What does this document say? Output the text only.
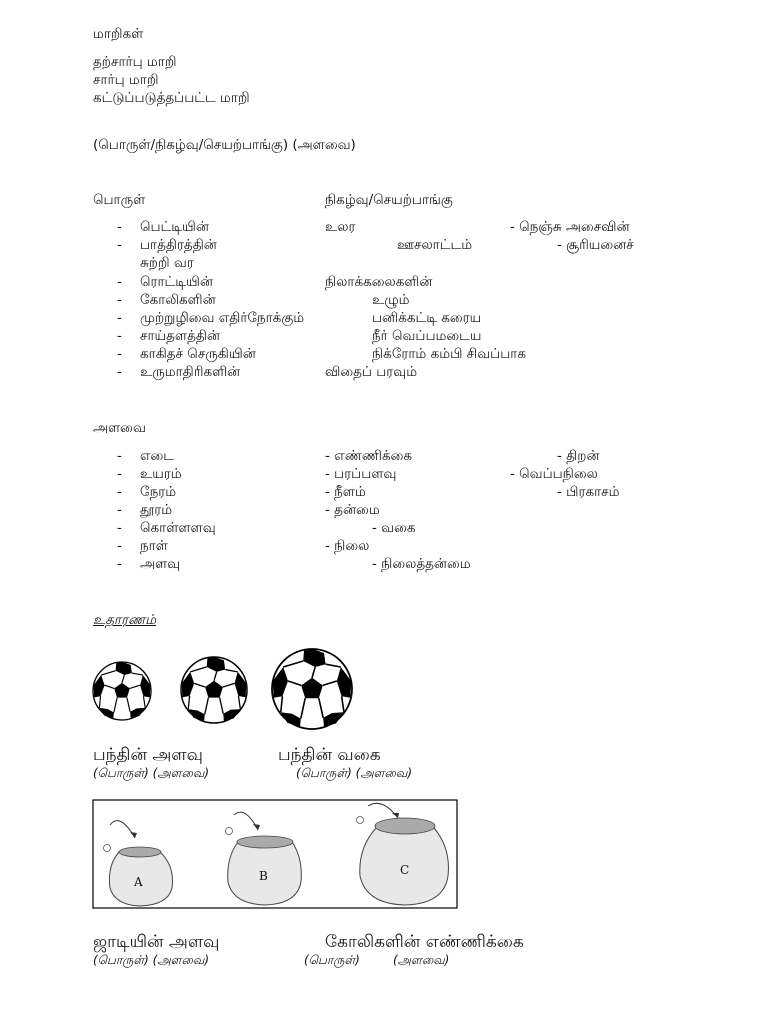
மாறிகள்
தற்சார்பு மாறி
சார்பு மாறி
கட்டுப்படுத்தப்பட்ட மாறி
(பொருள்/நிகழ்வு/செயற்பாங்கு) (அளவை)
பொருள்	நிகழ்வு/செயற்பாங்கு
- பெட்டியின்	உலர	- நெஞ்சு அசைவின்
- பாத்திரத்தின்	ஊசலாட்டம்	- சூரியனைச்
சுற்றி வர
- ரொட்டியின்	நிலாக்கலைகளின்
- கோலிகளின்	உழும்
- முற்றுழிவை எதிர்நோக்கும்	பனிக்கட்டி கரைய
- சாய்தளத்தின்	நீர் வெப்பமடைய
- காகிதச் செருகியின்	நிக்ரோம் கம்பி சிவப்பாக
- உருமாதிரிகளின்	விதைப் பரவும்
அளவை
- எடை	- எண்ணிக்கை	- திறன்
- உயரம்	- பரப்பளவு	- வெப்பநிலை
- நேரம்	- நீளம்	- பிரகாசம்
- தூரம்	- தன்மை
- கொள்ளளவு	- வகை
- நாள்	- நிலை
- அளவு	- நிலைத்தன்மை
உதாரணம்
A	B	C
பந்தின் அளவு
(பொருள்) (அளவை)
பந்தின் வகை
(பொருள்) (அளவை)
ஜாடியின் அளவு
(பொருள்) (அளவை)
கோலிகளின் எண்ணிக்கை
(பொருள்)	(அளவை)
